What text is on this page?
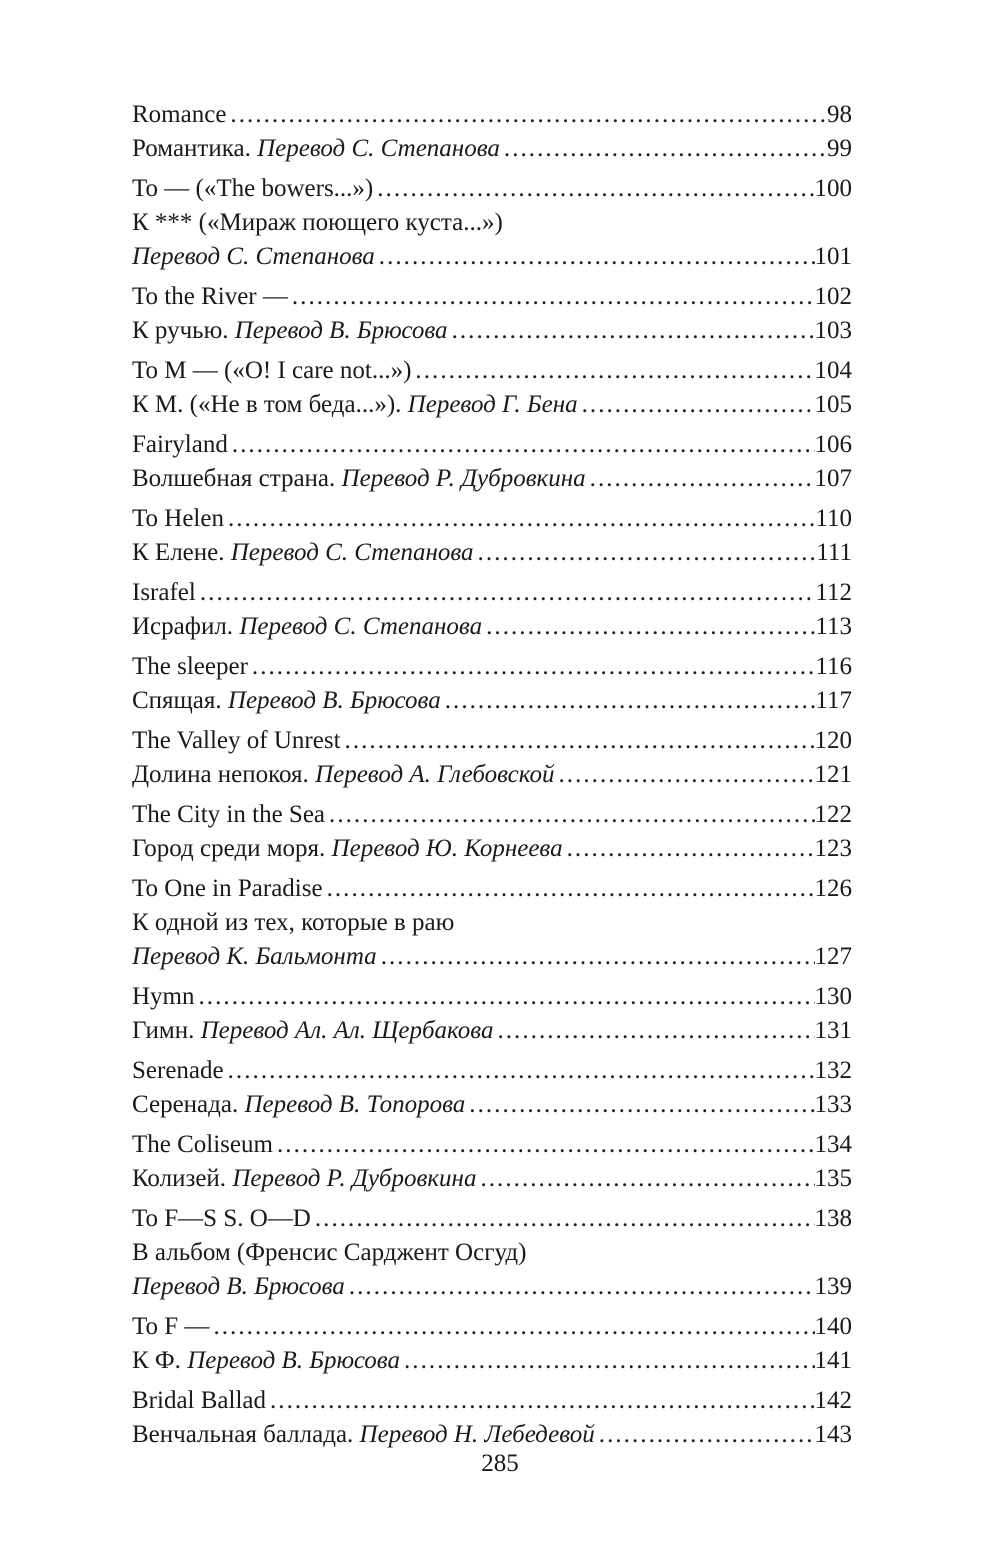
Romance . . .	98
Романтика. Перевод С. Степанова . . .	99
To — («The bowers...») . . .	100
К *** («Мираж поющего куста...»)
Перевод С. Степанова . . .	101
To the River — . . .	102
К ручью. Перевод В. Брюсова . . .	103
To M — («O! I care not...») . . .	104
К М. («Не в том беда...»). Перевод Г. Бена . . .	105
Fairyland . . .	106
Волшебная страна. Перевод Р. Дубровкина . . .	107
To Helen . . .	110
К Елене. Перевод С. Степанова . . .	111
Israfel . . .	112
Исрафил. Перевод С. Степанова . . .	113
The sleeper . . .	116
Спящая. Перевод В. Брюсова . . .	117
The Valley of Unrest . . .	120
Долина непокоя. Перевод А. Глебовской . . .	121
The City in the Sea . . .	122
Город среди моря. Перевод Ю. Корнеева . . .	123
To One in Paradise . . .	126
К одной из тех, которые в раю
Перевод К. Бальмонта . . .	127
Hymn . . .	130
Гимн. Перевод Ал. Ал. Щербакова . . .	131
Serenade . . .	132
Серенада. Перевод В. Топорова . . .	133
The Coliseum . . .	134
Колизей. Перевод Р. Дубровкина . . .	135
To F—S S. O—D . . .	138
В альбом (Френсис Сарджент Осгуд)
Перевод В. Брюсова . . .	139
To F — . . .	140
К Ф. Перевод В. Брюсова . . .	141
Bridal Ballad . . .	142
Венчальная баллада. Перевод Н. Лебедевой . . .	143
285
